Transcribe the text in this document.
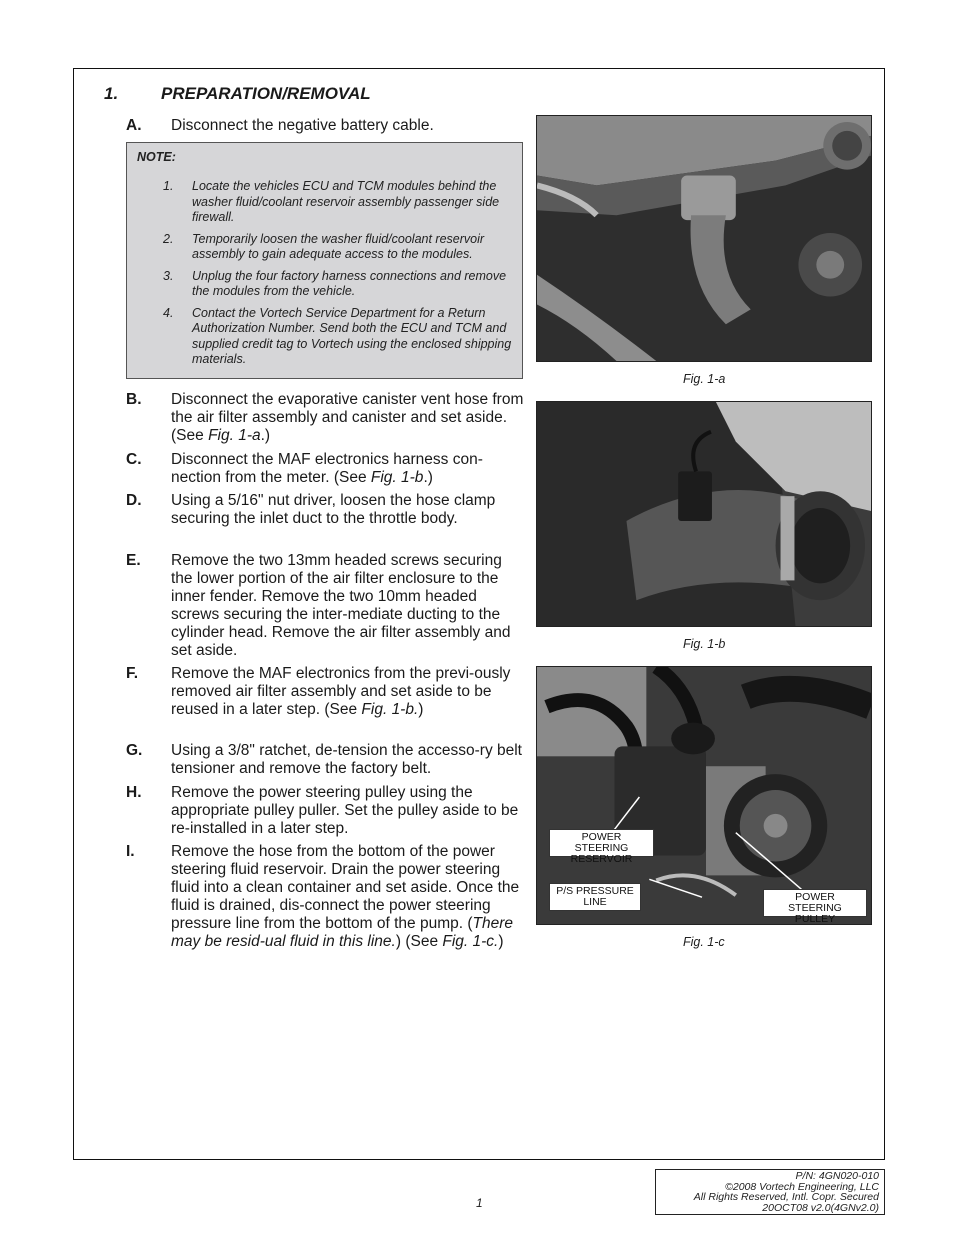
1.	PREPARATION/REMOVAL
A. Disconnect the negative battery cable.
NOTE:
1. Locate the vehicles ECU and TCM modules behind the washer fluid/coolant reservoir assembly passenger side firewall.
2. Temporarily loosen the washer fluid/coolant reservoir assembly to gain adequate access to the modules.
3. Unplug the four factory harness connections and remove the modules from the vehicle.
4. Contact the Vortech Service Department for a Return Authorization Number. Send both the ECU and TCM and supplied credit tag to Vortech using the enclosed shipping materials.
B. Disconnect the evaporative canister vent hose from the air filter assembly and canister and set aside. (See Fig. 1-a.)
C. Disconnect the MAF electronics harness con-nection from the meter. (See Fig. 1-b.)
D. Using a 5/16" nut driver, loosen the hose clamp securing the inlet duct to the throttle body.
E. Remove the two 13mm headed screws securing the lower portion of the air filter enclosure to the inner fender. Remove the two 10mm headed screws securing the inter-mediate ducting to the cylinder head. Remove the air filter assembly and set aside.
F. Remove the MAF electronics from the previ-ously removed air filter assembly and set aside to be reused in a later step. (See Fig. 1-b.)
G. Using a 3/8" ratchet, de-tension the accesso-ry belt tensioner and remove the factory belt.
H. Remove the power steering pulley using the appropriate pulley puller. Set the pulley aside to be re-installed in a later step.
I. Remove the hose from the bottom of the power steering fluid reservoir. Drain the power steering fluid into a clean container and set aside. Once the fluid is drained, dis-connect the power steering pressure line from the bottom of the pump. (There may be resid-ual fluid in this line.) (See Fig. 1-c.)
Fig. 1-a
Fig. 1-b
POWER STEERING RESERVOIR
P/S PRESSURE LINE	POWER STEERING PULLEY
Fig. 1-c
1
P/N: 4GN020-010
©2008 Vortech Engineering, LLC
All Rights Reserved, Intl. Copr. Secured
20OCT08 v2.0(4GNv2.0)
